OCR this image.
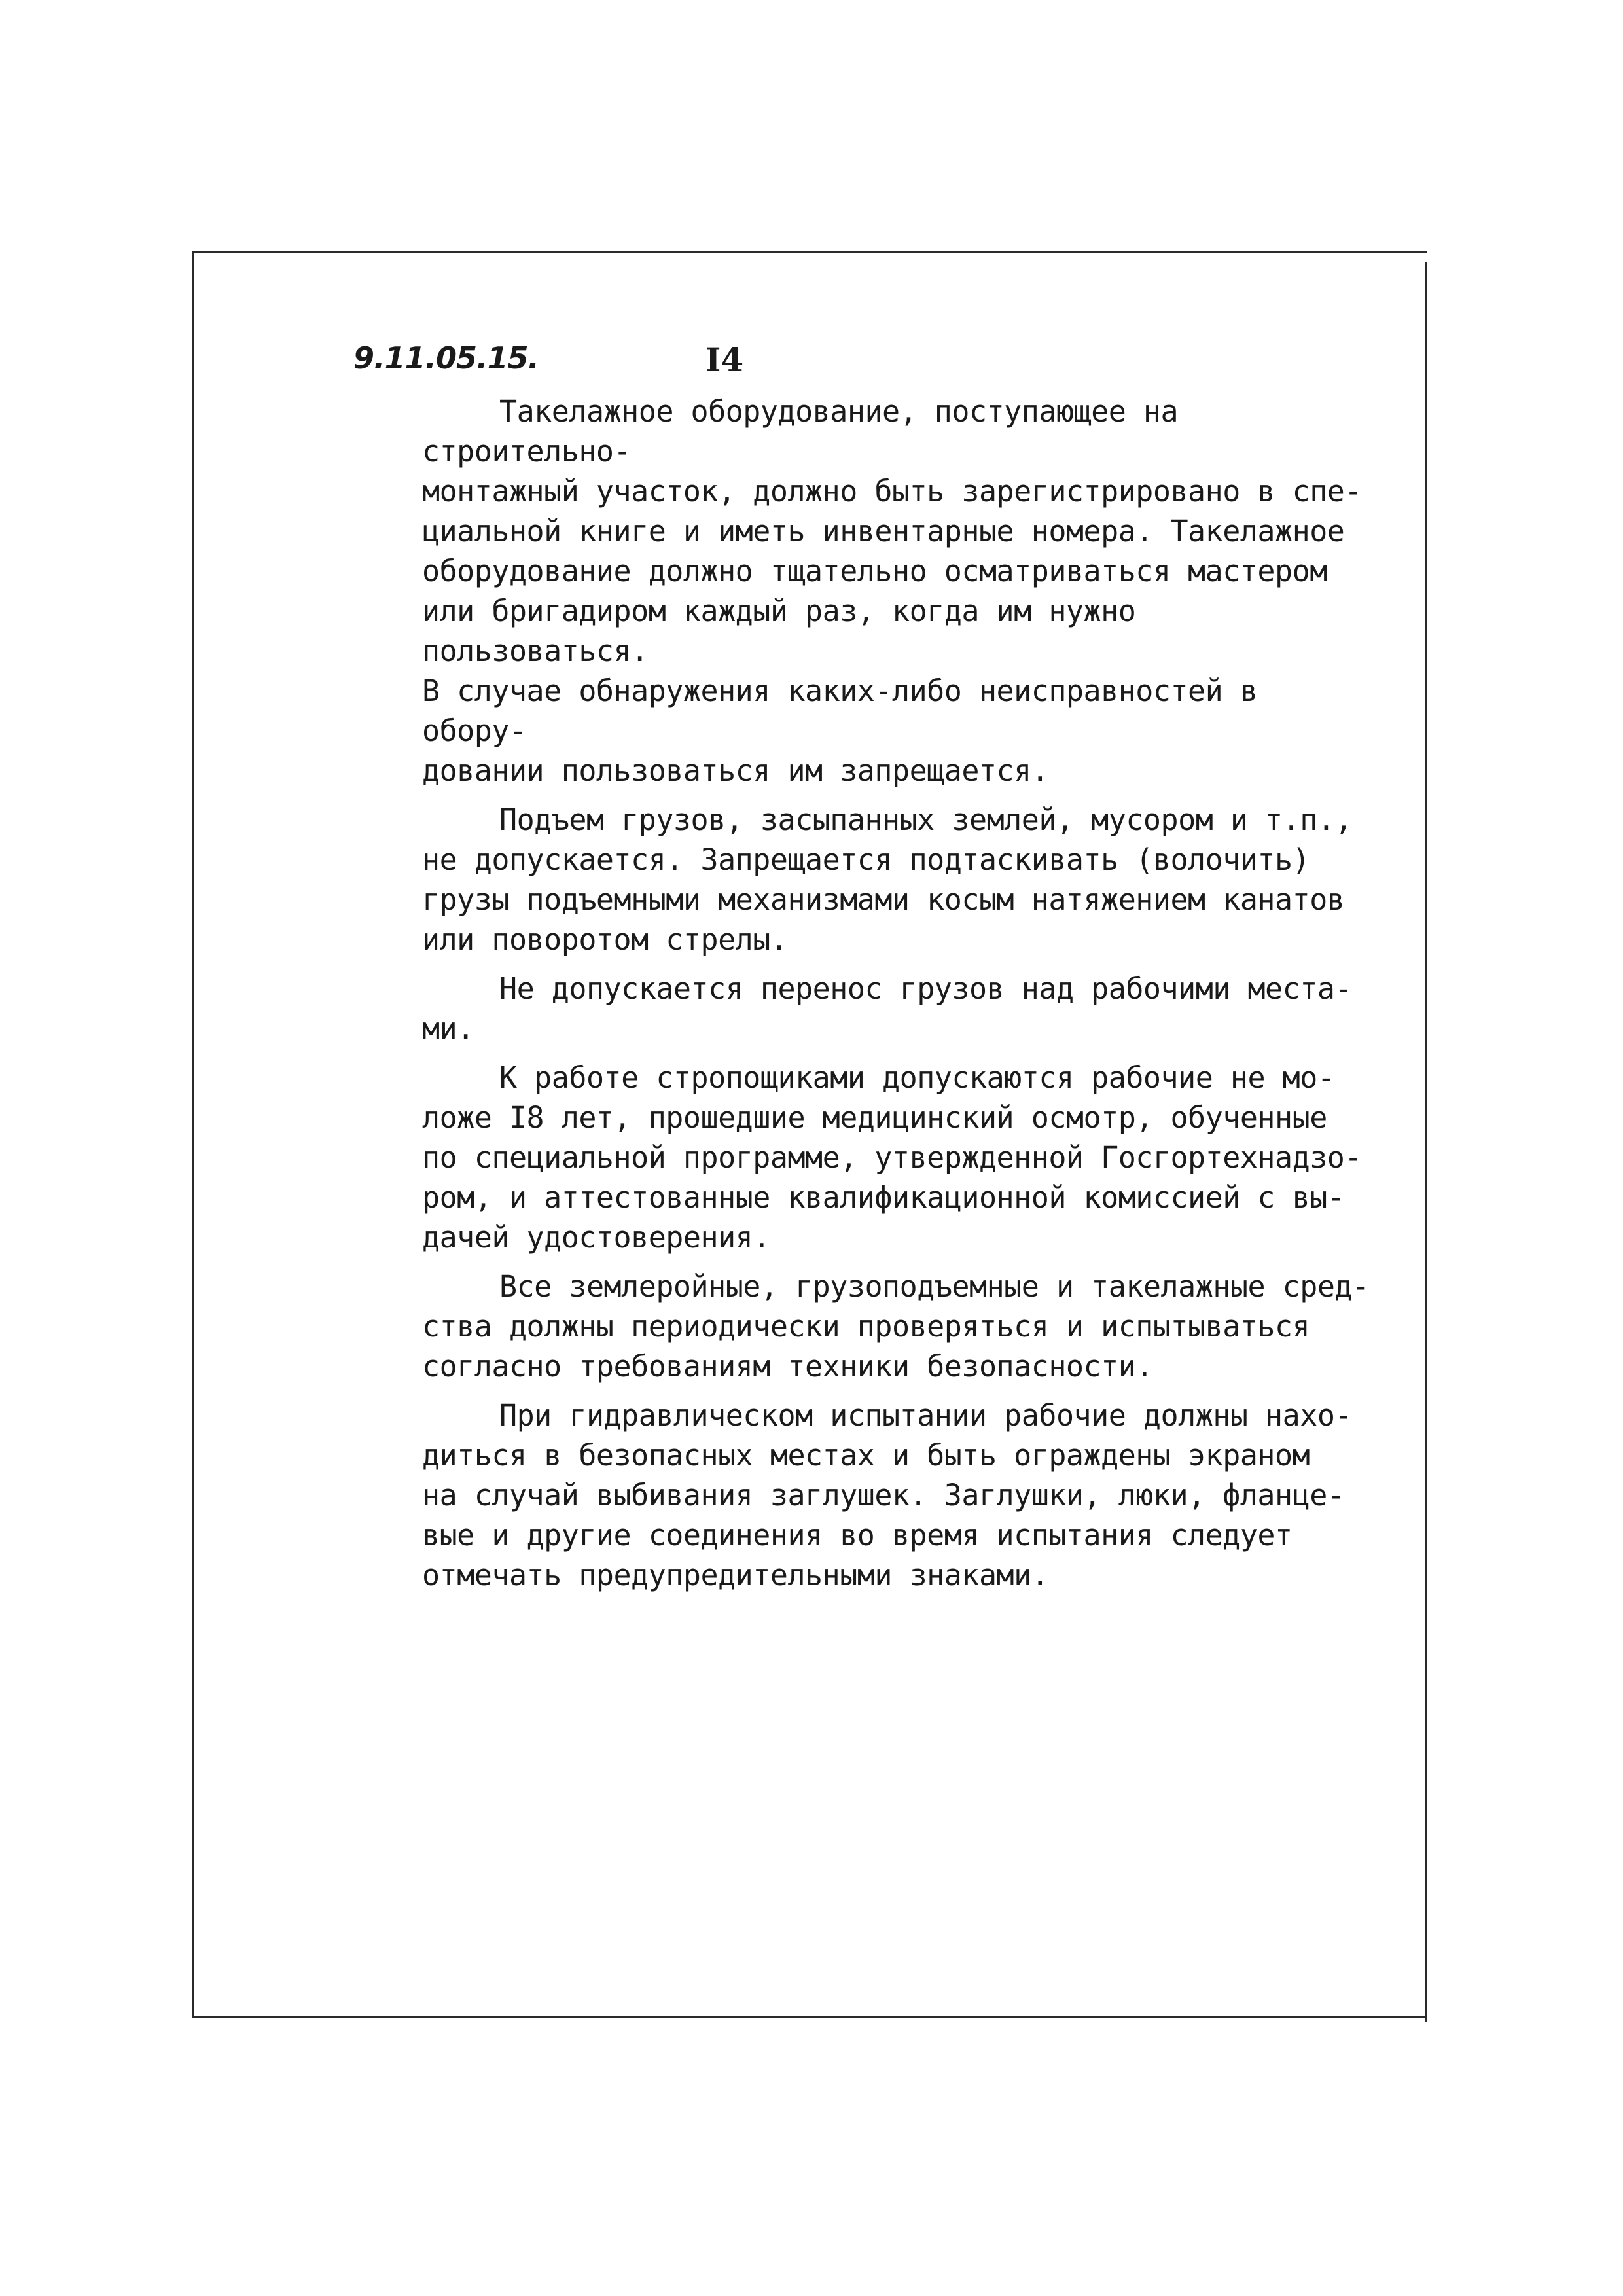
9.11.05.15.	I4

Такелажное оборудование, поступающее на строительно-
монтажный участок, должно быть зарегистрировано в спе-
циальной книге и иметь инвентарные номера. Такелажное
оборудование должно тщательно осматриваться мастером
или бригадиром каждый раз, когда им нужно пользоваться.
В случае обнаружения каких-либо неисправностей в обору-
довании пользоваться им запрещается.

Подъем грузов, засыпанных землей, мусором и т.п.,
не допускается. Запрещается подтаскивать (волочить)
грузы подъемными механизмами косым натяжением канатов
или поворотом стрелы.

Не допускается перенос грузов над рабочими места-
ми.

К работе стропощиками допускаются рабочие не мо-
ложе I8 лет, прошедшие медицинский осмотр, обученные
по специальной программе, утвержденной Госгортехнадзо-
ром, и аттестованные квалификационной комиссией с вы-
дачей удостоверения.

Все землеройные, грузоподъемные и такелажные сред-
ства должны периодически проверяться и испытываться
согласно требованиям техники безопасности.

При гидравлическом испытании рабочие должны нахо-
диться в безопасных местах и быть ограждены экраном
на случай выбивания заглушек. Заглушки, люки, фланце-
вые и другие соединения во время испытания следует
отмечать предупредительными знаками.
